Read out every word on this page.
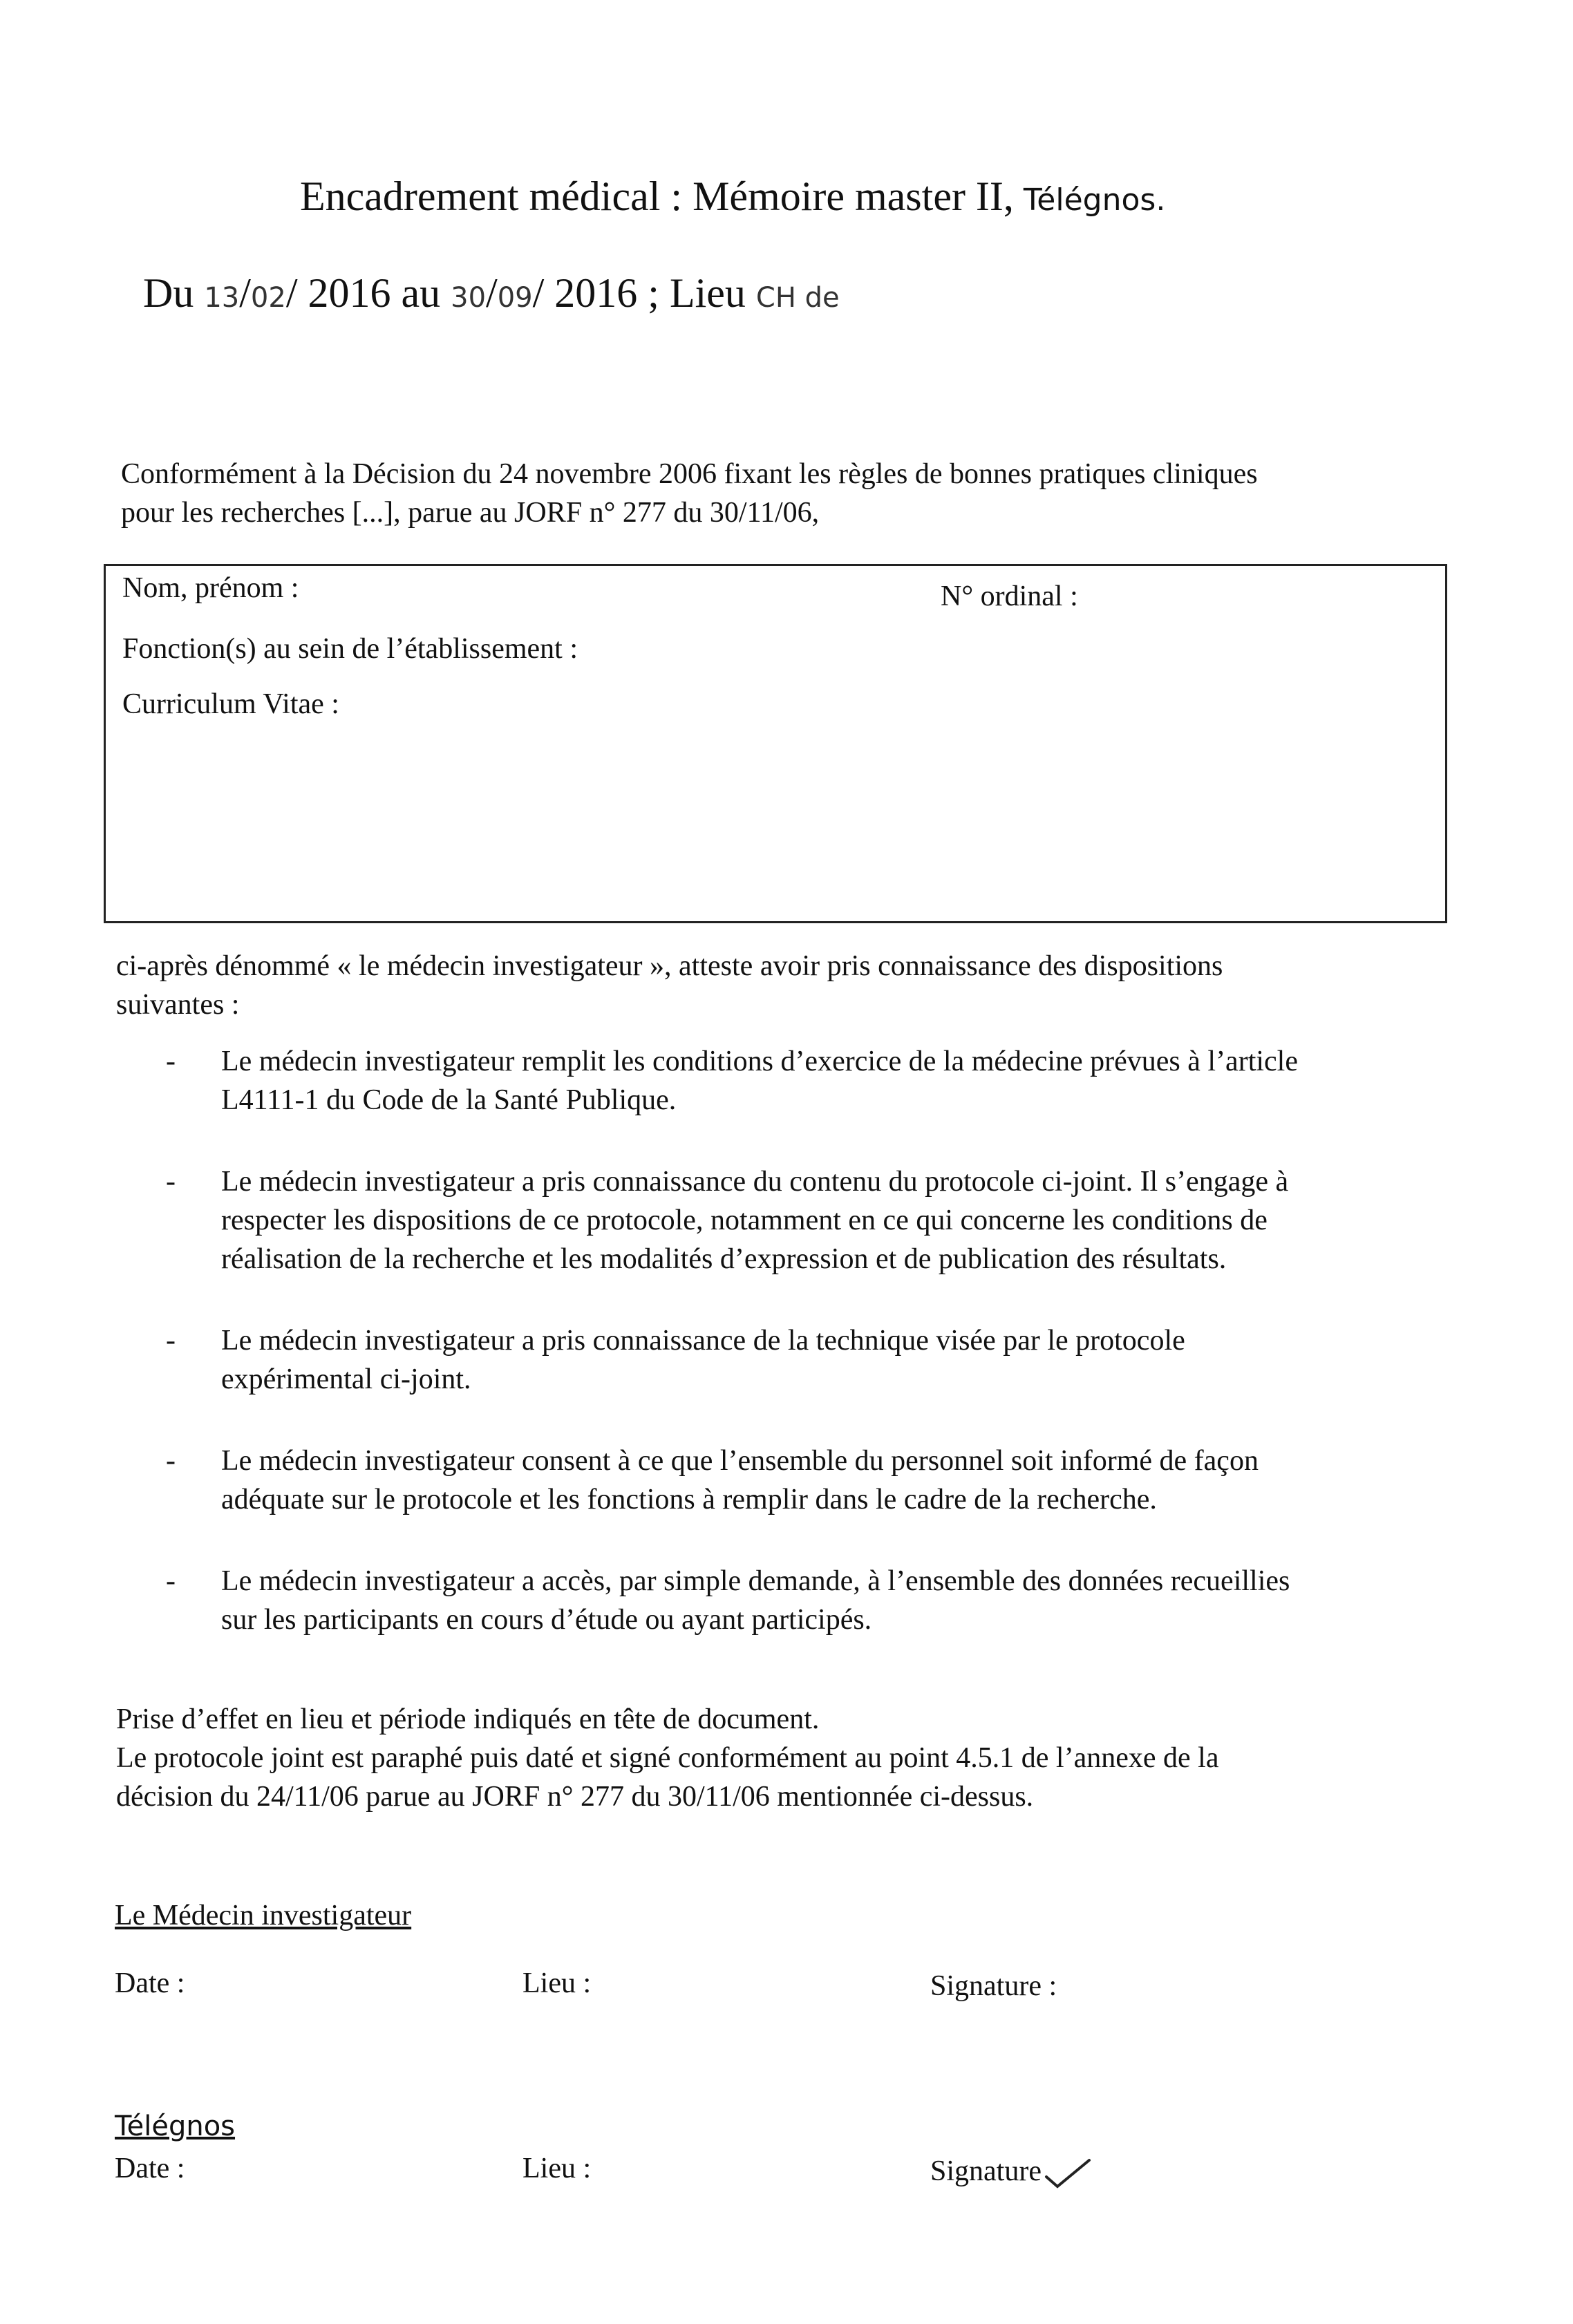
Encadrement médical : Mémoire master II, Télégnos.
Du 13/02/ 2016 au 30/09/ 2016 ; Lieu CH de
Conformément à la Décision du 24 novembre 2006 fixant les règles de bonnes pratiques cliniques
pour les recherches [...], parue au JORF n° 277 du 30/11/06,
Nom, prénom :	N° ordinal :
Fonction(s) au sein de l’établissement :
Curriculum Vitae :
ci-après dénommé « le médecin investigateur », atteste avoir pris connaissance des dispositions
suivantes :
- Le médecin investigateur remplit les conditions d’exercice de la médecine prévues à l’article
L4111-1 du Code de la Santé Publique.
- Le médecin investigateur a pris connaissance du contenu du protocole ci-joint. Il s’engage à
respecter les dispositions de ce protocole, notamment en ce qui concerne les conditions de
réalisation de la recherche et les modalités d’expression et de publication des résultats.
- Le médecin investigateur a pris connaissance de la technique visée par le protocole
expérimental ci-joint.
- Le médecin investigateur consent à ce que l’ensemble du personnel soit informé de façon
adéquate sur le protocole et les fonctions à remplir dans le cadre de la recherche.
- Le médecin investigateur a accès, par simple demande, à l’ensemble des données recueillies
sur les participants en cours d’étude ou ayant participés.
Prise d’effet en lieu et période indiqués en tête de document.
Le protocole joint est paraphé puis daté et signé conformément au point 4.5.1 de l’annexe de la
décision du 24/11/06 parue au JORF n° 277 du 30/11/06 mentionnée ci-dessus.
Le Médecin investigateur
Date :	Lieu :	Signature :
Télégnos
Date :	Lieu :	Signature
